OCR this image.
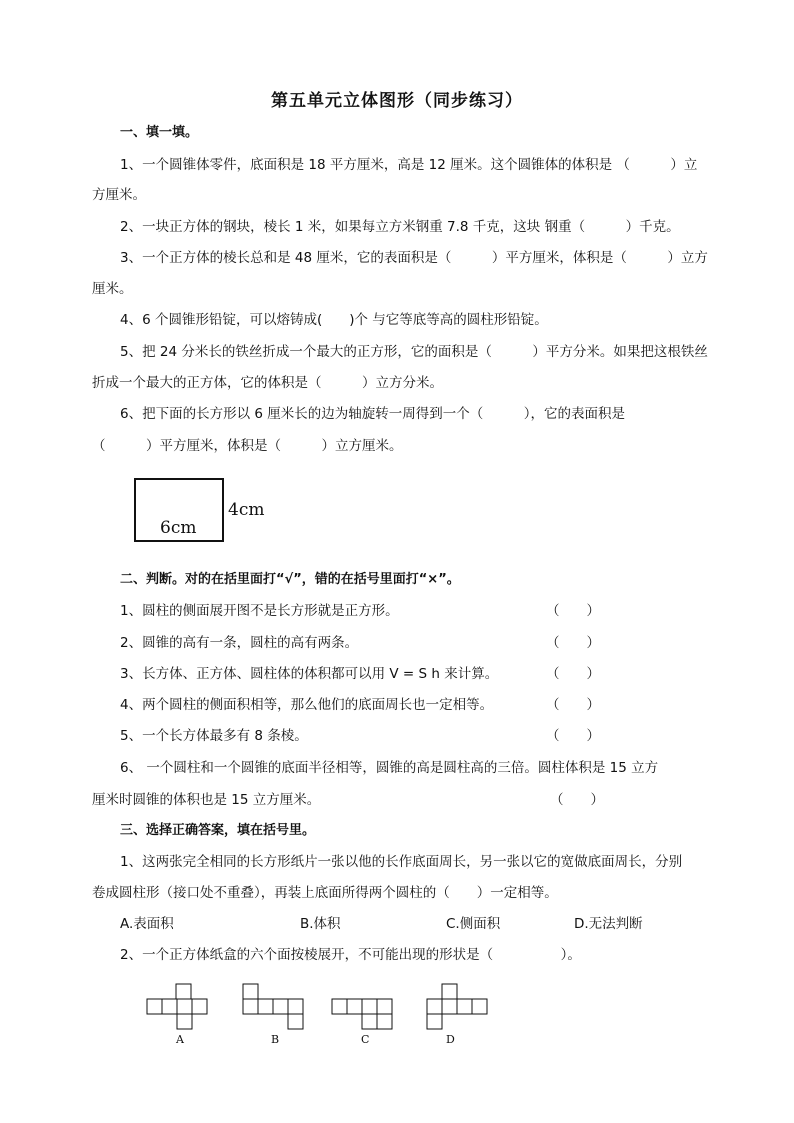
第五单元立体图形（同步练习）
一、填一填。
1、一个圆锥体零件，底面积是 18 平方厘米，高是 12 厘米。这个圆锥体的体积是 （　　　）立
方厘米。
2、一块正方体的钢块，棱长 1 米，如果每立方米钢重 7.8 千克，这块 钢重（　　　）千克。
3、一个正方体的棱长总和是 48 厘米，它的表面积是（　　　）平方厘米，体积是（　　　）立方
厘米。
4、6 个圆锥形铅锭，可以熔铸成(　　)个 与它等底等高的圆柱形铅锭。
5、把 24 分米长的铁丝折成一个最大的正方形，它的面积是（　　　）平方分米。如果把这根铁丝
折成一个最大的正方体，它的体积是（　　　）立方分米。
6、把下面的长方形以 6 厘米长的边为轴旋转一周得到一个（　　　），它的表面积是
（　　　）平方厘米，体积是（　　　）立方厘米。
6cm
4cm
二、判断。对的在括里面打“√”，错的在括号里面打“×”。
1、圆柱的侧面展开图不是长方形就是正方形。	（　　）
2、圆锥的高有一条，圆柱的高有两条。	（　　）
3、长方体、正方体、圆柱体的体积都可以用 V = S h 来计算。	（　　）
4、两个圆柱的侧面积相等，那么他们的底面周长也一定相等。	（　　）
5、一个长方体最多有 8 条棱。	（　　）
6、 一个圆柱和一个圆锥的底面半径相等，圆锥的高是圆柱高的三倍。圆柱体积是 15 立方
厘米时圆锥的体积也是 15 立方厘米。	（　　）
三、选择正确答案，填在括号里。
1、这两张完全相同的长方形纸片一张以他的长作底面周长，另一张以它的宽做底面周长，分别
卷成圆柱形（接口处不重叠），再装上底面所得两个圆柱的（　　）一定相等。
A.表面积	B.体积	C.侧面积	D.无法判断
2、一个正方体纸盒的六个面按棱展开，不可能出现的形状是（　　　　　）。
A	B	C	D
